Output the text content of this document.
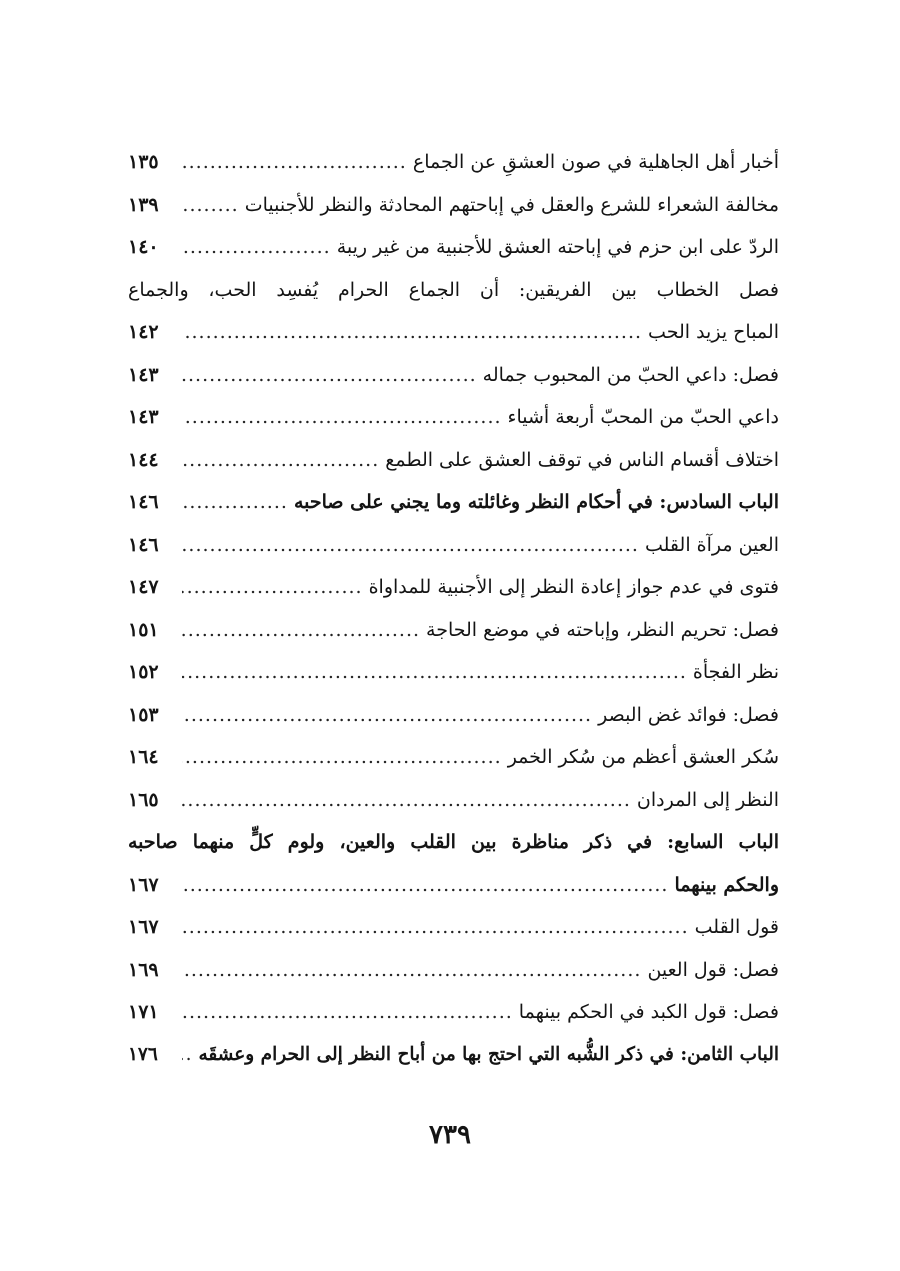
أخبار أهل الجاهلية في صون العشقِ عن الجماع
.....
١٣٥
مخالفة الشعراء للشرع والعقل في إباحتهم المحادثة والنظر للأجنبيات
.....
١٣٩
الردّ على ابن حزم في إباحته العشق للأجنبية من غير ريبة
.....
١٤٠
فصل الخطاب بين الفريقين: أن الجماع الحرام يُفسِد الحب، والجماع
المباح يزيد الحب
.....
١٤٢
فصل: داعي الحبّ من المحبوب جماله
.....
١٤٣
داعي الحبّ من المحبّ أربعة أشياء
.....
١٤٣
اختلاف أقسام الناس في توقف العشق على الطمع
.....
١٤٤
الباب السادس: في أحكام النظر وغائلته وما يجني على صاحبه
.....
١٤٦
العين مرآة القلب
.....
١٤٦
فتوى في عدم جواز إعادة النظر إلى الأجنبية للمداواة
.....
١٤٧
فصل: تحريم النظر، وإباحته في موضع الحاجة
.....
١٥١
نظر الفجأة
.....
١٥٢
فصل: فوائد غض البصر
.....
١٥٣
سُكر العشق أعظم من سُكر الخمر
.....
١٦٤
النظر إلى المردان
.....
١٦٥
الباب السابع: في ذكر مناظرة بين القلب والعين، ولوم كلٍّ منهما صاحبه
والحكم بينهما
.....
١٦٧
قول القلب
.....
١٦٧
فصل: قول العين
.....
١٦٩
فصل: قول الكبد في الحكم بينهما
.....
١٧١
الباب الثامن: في ذكر الشُّبه التي احتج بها من أباح النظر إلى الحرام وعشقَه
.....
١٧٦
٧٣٩
